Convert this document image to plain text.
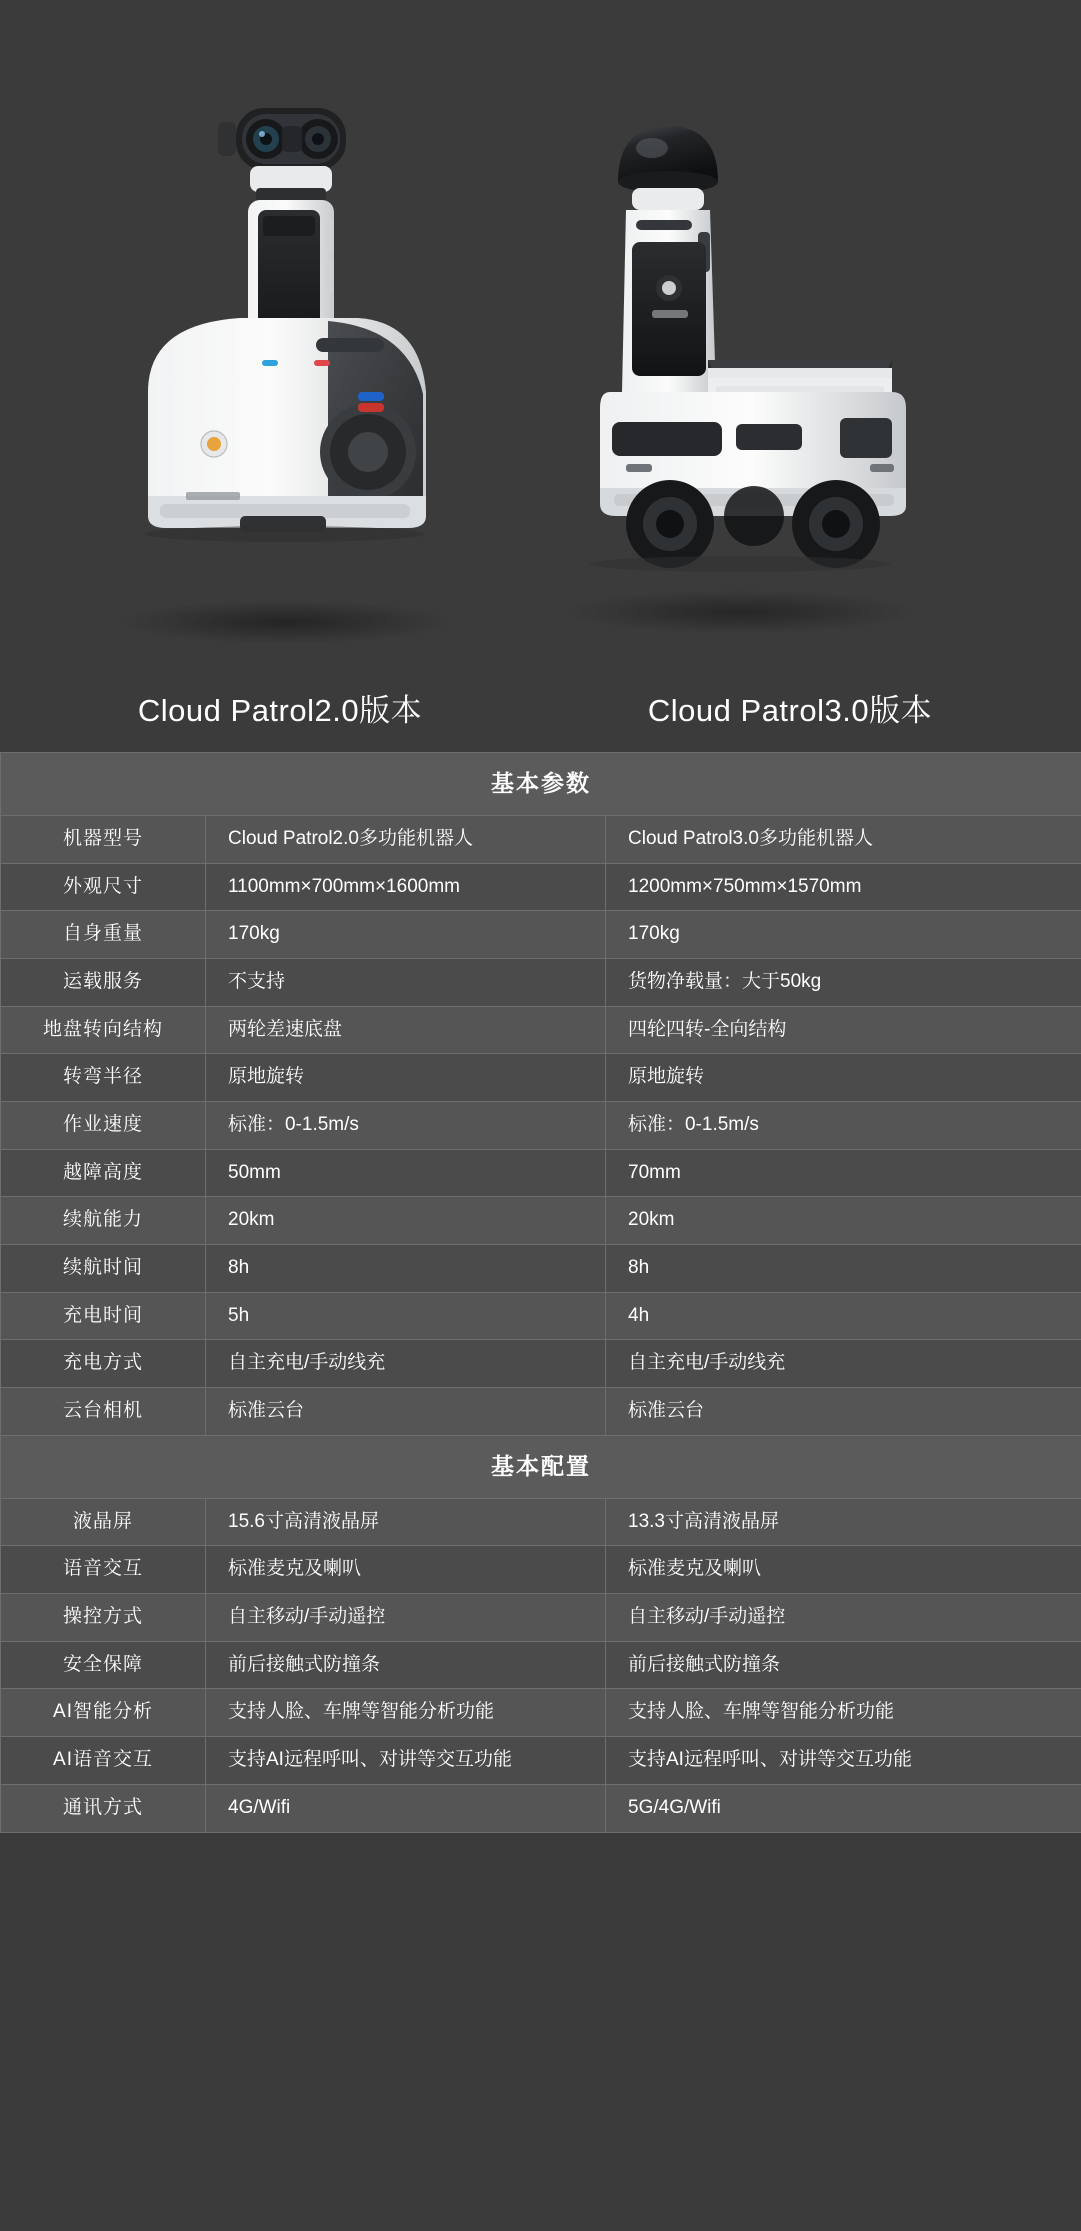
Cloud Patrol2.0版本	Cloud Patrol3.0版本
基本参数		
机器型号	Cloud Patrol2.0多功能机器人	Cloud Patrol3.0多功能机器人
外观尺寸	1100mm×700mm×1600mm	1200mm×750mm×1570mm
自身重量	170kg	170kg
运载服务	不支持	货物净载量：大于50kg
地盘转向结构	两轮差速底盘	四轮四转-全向结构
转弯半径	原地旋转	原地旋转
作业速度	标准：0-1.5m/s	标准：0-1.5m/s
越障高度	50mm	70mm
续航能力	20km	20km
续航时间	8h	8h
充电时间	5h	4h
充电方式	自主充电/手动线充	自主充电/手动线充
云台相机	标准云台	标准云台
基本配置		
液晶屏	15.6寸高清液晶屏	13.3寸高清液晶屏
语音交互	标准麦克及喇叭	标准麦克及喇叭
操控方式	自主移动/手动遥控	自主移动/手动遥控
安全保障	前后接触式防撞条	前后接触式防撞条
AI智能分析	支持人脸、车牌等智能分析功能	支持人脸、车牌等智能分析功能
AI语音交互	支持AI远程呼叫、对讲等交互功能	支持AI远程呼叫、对讲等交互功能
通讯方式	4G/Wifi	5G/4G/Wifi
